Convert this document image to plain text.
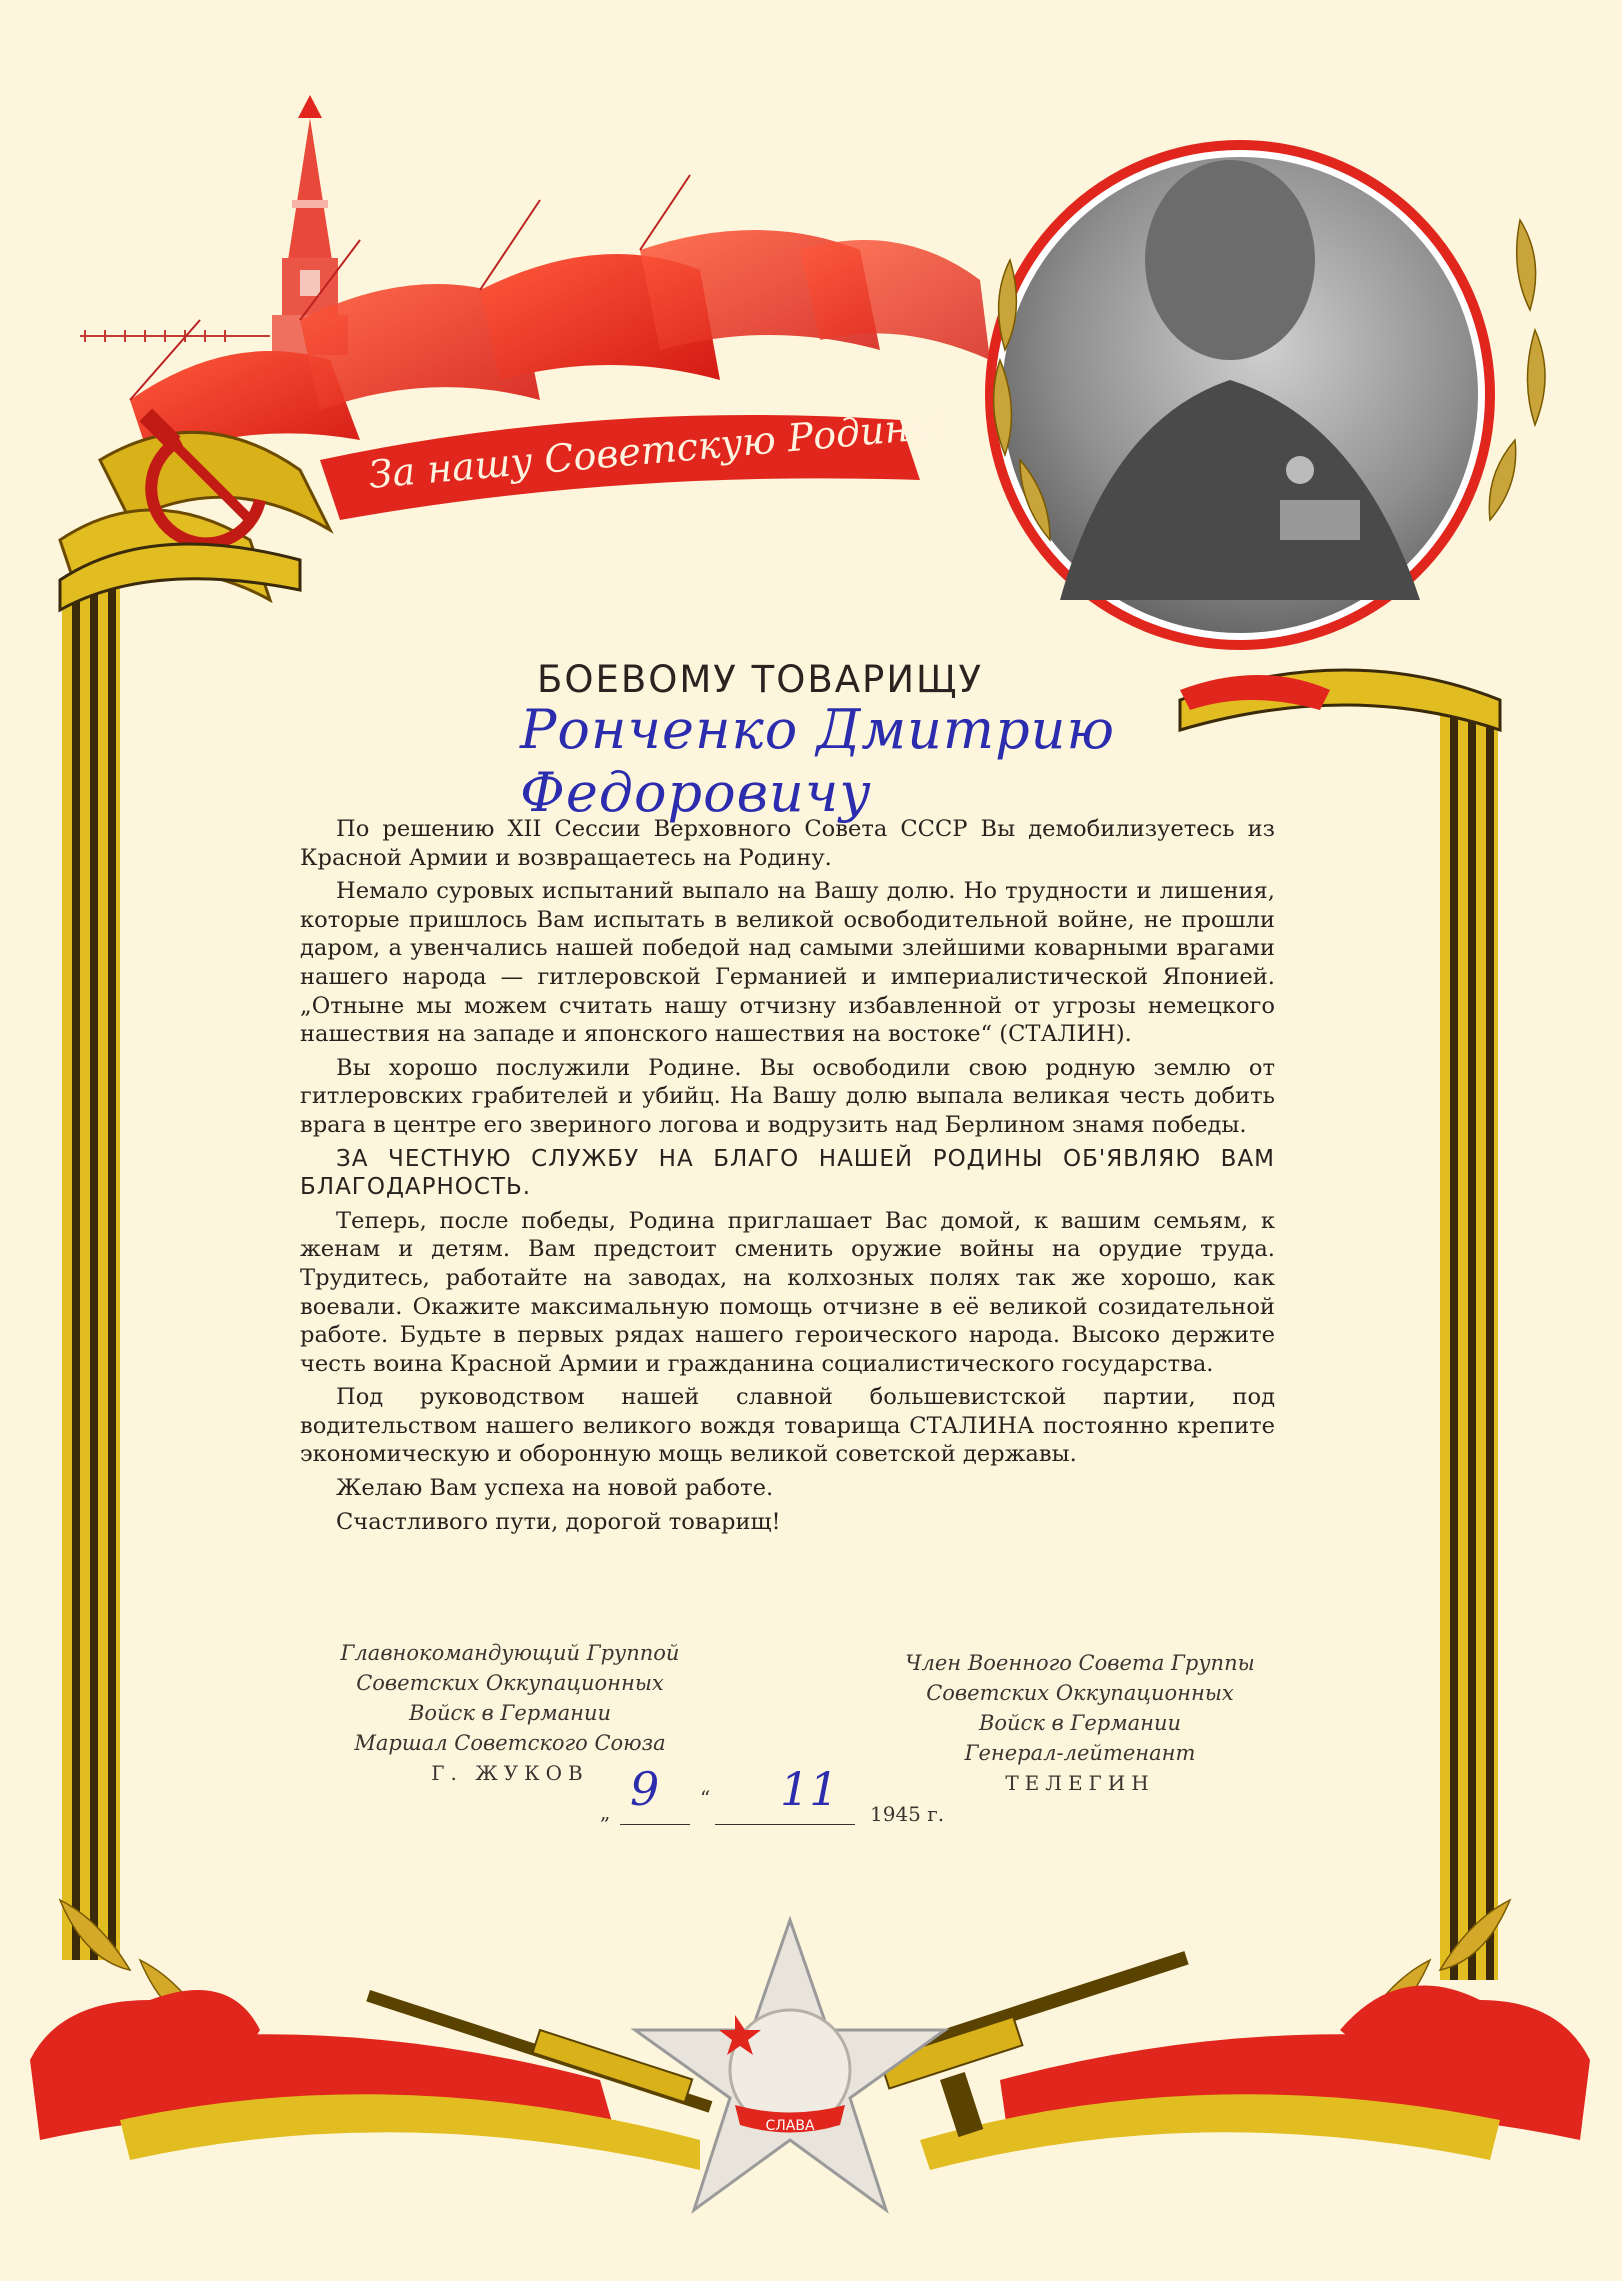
За нашу Советскую Родину!
СЛАВА
БОЕВОМУ ТОВАРИЩУ
Ронченко Дмитрию Федоровичу

По решению XII Сессии Верховного Совета СССР Вы демобилизуетесь из Красной Армии и возвращаетесь на Родину.

Немало суровых испытаний выпало на Вашу долю. Но трудности и лишения, которые пришлось Вам испытать в великой освободительной войне, не прошли даром, а увенчались нашей победой над самыми злейшими коварными врагами нашего народа — гитлеровской Германией и империалистической Японией. „Отныне мы можем считать нашу отчизну избавленной от угрозы немецкого нашествия на западе и японского нашествия на востоке“ (СТАЛИН).

Вы хорошо послужили Родине. Вы освободили свою родную землю от гитлеровских грабителей и убийц. На Вашу долю выпала великая честь добить врага в центре его звериного логова и водрузить над Берлином знамя победы.

ЗА ЧЕСТНУЮ СЛУЖБУ НА БЛАГО НАШЕЙ РОДИНЫ ОБ'ЯВЛЯЮ ВАМ БЛАГОДАРНОСТЬ.

Теперь, после победы, Родина приглашает Вас домой, к вашим семьям, к женам и детям. Вам предстоит сменить оружие войны на орудие труда. Трудитесь, работайте на заводах, на колхозных полях так же хорошо, как воевали. Окажите максимальную помощь отчизне в её великой созидательной работе. Будьте в первых рядах нашего героического народа. Высоко держите честь воина Красной Армии и гражданина социалистического государства.

Под руководством нашей славной большевистской партии, под водительством нашего великого вождя товарища СТАЛИНА постоянно крепите экономическую и оборонную мощь великой советской державы.

Желаю Вам успеха на новой работе.

Счастливого пути, дорогой товарищ!

Главнокомандующий Группой
Советских Оккупационных
Войск в Германии
Маршал Советского Союза
Г. ЖУКОВ
Член Военного Совета Группы
Советских Оккупационных
Войск в Германии
Генерал-лейтенант
ТЕЛЕГИН
„ 9 “ 11 1945 г.
